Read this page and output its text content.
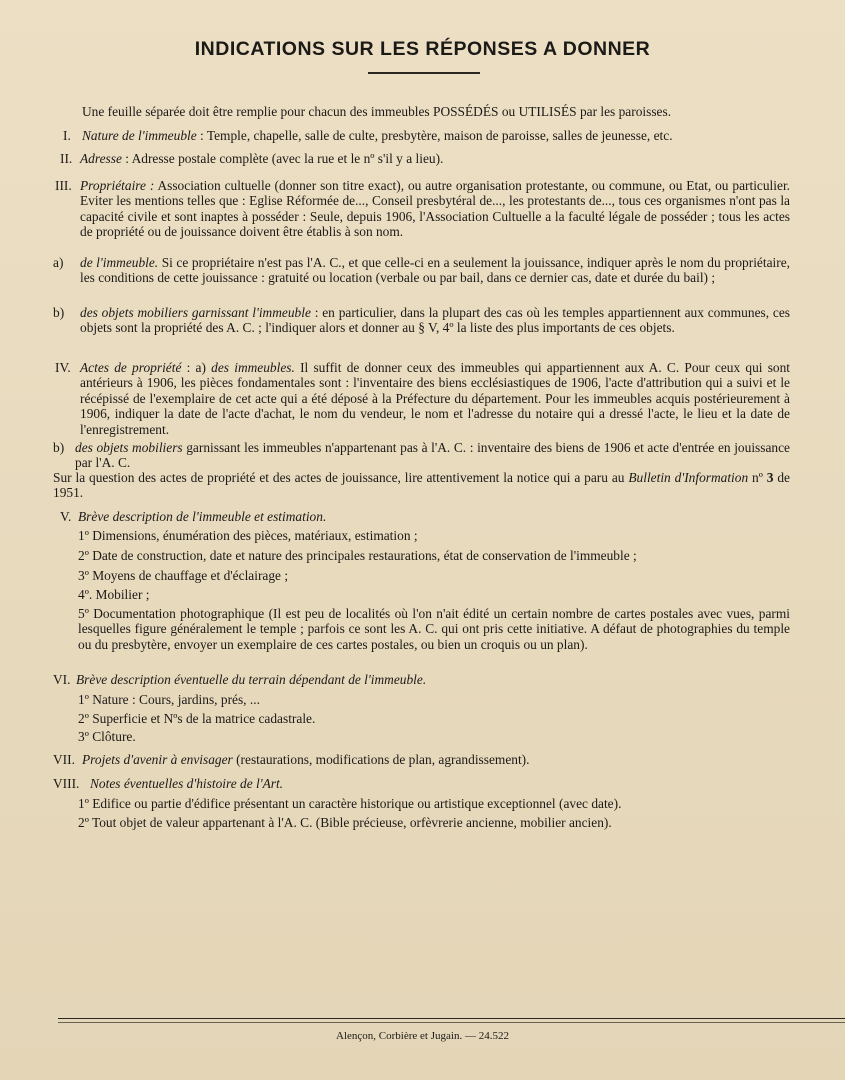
INDICATIONS SUR LES RÉPONSES A DONNER
Une feuille séparée doit être remplie pour chacun des immeubles POSSÉDÉS ou UTILISÉS par les paroisses.
I. Nature de l'immeuble : Temple, chapelle, salle de culte, presbytère, maison de paroisse, salles de jeunesse, etc.
II. Adresse : Adresse postale complète (avec la rue et le nº s'il y a lieu).
III. Propriétaire : Association cultuelle (donner son titre exact), ou autre organisation protestante, ou commune, ou Etat, ou particulier. Eviter les mentions telles que : Eglise Réformée de..., Conseil presbytéral de..., les protestants de..., tous ces organismes n'ont pas la capacité civile et sont inaptes à posséder : Seule, depuis 1906, l'Association Cultuelle a la faculté légale de posséder ; tous les actes de propriété ou de jouissance doivent être établis à son nom.
a) de l'immeuble. Si ce propriétaire n'est pas l'A. C., et que celle-ci en a seulement la jouissance, indiquer après le nom du propriétaire, les conditions de cette jouissance : gratuité ou location (verbale ou par bail, dans ce dernier cas, date et durée du bail) ;
b) des objets mobiliers garnissant l'immeuble : en particulier, dans la plupart des cas où les temples appartiennent aux communes, ces objets sont la propriété des A. C. ; l'indiquer alors et donner au § V, 4º la liste des plus importants de ces objets.
IV. Actes de propriété : a) des immeubles. Il suffit de donner ceux des immeubles qui appartiennent aux A. C. Pour ceux qui sont antérieurs à 1906, les pièces fondamentales sont : l'inventaire des biens ecclésiastiques de 1906, l'acte d'attribution qui a suivi et le récépissé de l'exemplaire de cet acte qui a été déposé à la Préfecture du département. Pour les immeubles acquis postérieurement à 1906, indiquer la date de l'acte d'achat, le nom du vendeur, le nom et l'adresse du notaire qui a dressé l'acte, le lieu et la date de l'enregistrement.
b) des objets mobiliers garnissant les immeubles n'appartenant pas à l'A. C. : inventaire des biens de 1906 et acte d'entrée en jouissance par l'A. C.
Sur la question des actes de propriété et des actes de jouissance, lire attentivement la notice qui a paru au Bulletin d'Information nº 3 de 1951.
V. Brève description de l'immeuble et estimation.
1º Dimensions, énumération des pièces, matériaux, estimation ;
2º Date de construction, date et nature des principales restaurations, état de conservation de l'immeuble ;
3º Moyens de chauffage et d'éclairage ;
4º. Mobilier ;
5º Documentation photographique (Il est peu de localités où l'on n'ait édité un certain nombre de cartes postales avec vues, parmi lesquelles figure généralement le temple ; parfois ce sont les A. C. qui ont pris cette initiative. A défaut de photographies du temple ou du presbytère, envoyer un exemplaire de ces cartes postales, ou bien un croquis ou un plan).
VI. Brève description éventuelle du terrain dépendant de l'immeuble.
1º Nature : Cours, jardins, prés, ...
2º Superficie et Nºs de la matrice cadastrale.
3º Clôture.
VII. Projets d'avenir à envisager (restaurations, modifications de plan, agrandissement).
VIII. Notes éventuelles d'histoire de l'Art.
1º Edifice ou partie d'édifice présentant un caractère historique ou artistique exceptionnel (avec date).
2º Tout objet de valeur appartenant à l'A. C. (Bible précieuse, orfèvrerie ancienne, mobilier ancien).
Alençon, Corbière et Jugain. — 24.522
